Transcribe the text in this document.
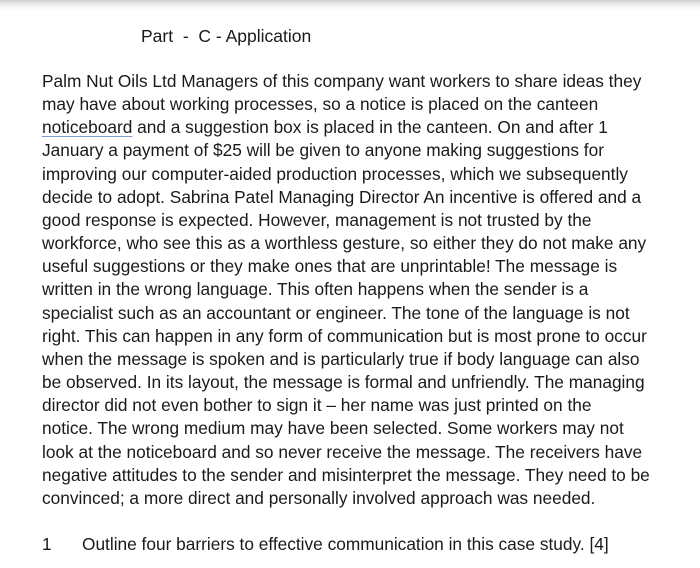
Part  -  C - Application
Palm Nut Oils Ltd Managers of this company want workers to share ideas they
may have about working processes, so a notice is placed on the canteen
noticeboard and a suggestion box is placed in the canteen. On and after 1
January a payment of $25 will be given to anyone making suggestions for
improving our computer-aided production processes, which we subsequently
decide to adopt. Sabrina Patel Managing Director An incentive is offered and a
good response is expected. However, management is not trusted by the
workforce, who see this as a worthless gesture, so either they do not make any
useful suggestions or they make ones that are unprintable! The message is
written in the wrong language. This often happens when the sender is a
specialist such as an accountant or engineer. The tone of the language is not
right. This can happen in any form of communication but is most prone to occur
when the message is spoken and is particularly true if body language can also
be observed. In its layout, the message is formal and unfriendly. The managing
director did not even bother to sign it – her name was just printed on the
notice. The wrong medium may have been selected. Some workers may not
look at the noticeboard and so never receive the message. The receivers have
negative attitudes to the sender and misinterpret the message. They need to be
convinced; a more direct and personally involved approach was needed.
1 Outline four barriers to effective communication in this case study. [4]
